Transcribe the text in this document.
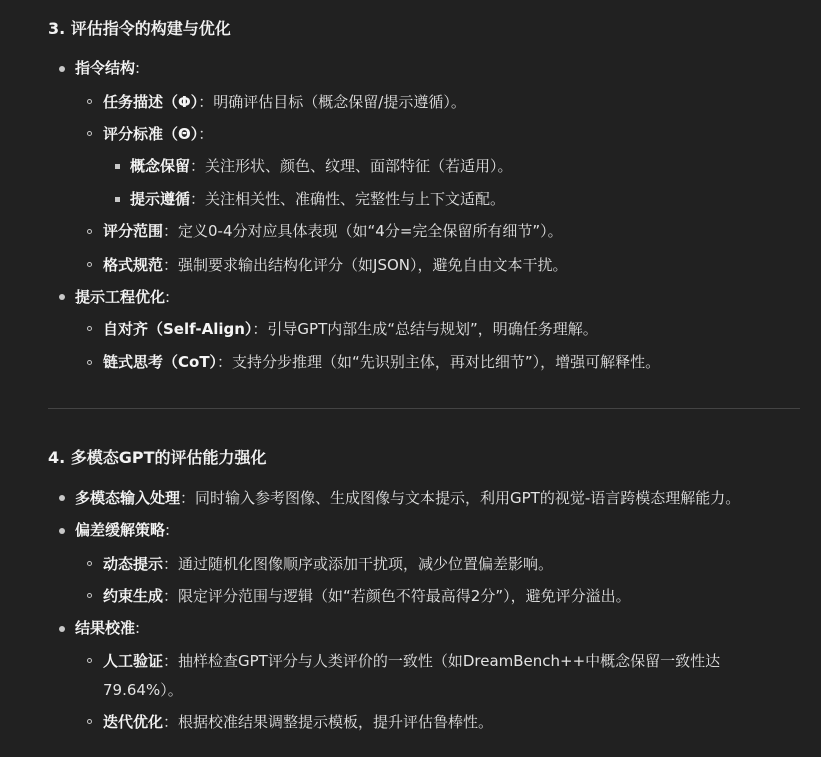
3. 评估指令的构建与优化
指令结构:
任务描述（Φ）：明确评估目标（概念保留/提示遵循）。
评分标准（Θ）：
概念保留：关注形状、颜色、纹理、面部特征（若适用）。
提示遵循：关注相关性、准确性、完整性与上下文适配。
评分范围：定义0-4分对应具体表现（如“4分=完全保留所有细节”）。
格式规范：强制要求输出结构化评分（如JSON），避免自由文本干扰。
提示工程优化:
自对齐（Self-Align）：引导GPT内部生成“总结与规划”，明确任务理解。
链式思考（CoT）：支持分步推理（如“先识别主体，再对比细节”），增强可解释性。
4. 多模态GPT的评估能力强化
多模态输入处理：同时输入参考图像、生成图像与文本提示，利用GPT的视觉-语言跨模态理解能力。
偏差缓解策略:
动态提示：通过随机化图像顺序或添加干扰项，减少位置偏差影响。
约束生成：限定评分范围与逻辑（如“若颜色不符最高得2分”），避免评分溢出。
结果校准:
人工验证：抽样检查GPT评分与人类评价的一致性（如DreamBench++中概念保留一致性达
79.64%）。
迭代优化：根据校准结果调整提示模板，提升评估鲁棒性。
